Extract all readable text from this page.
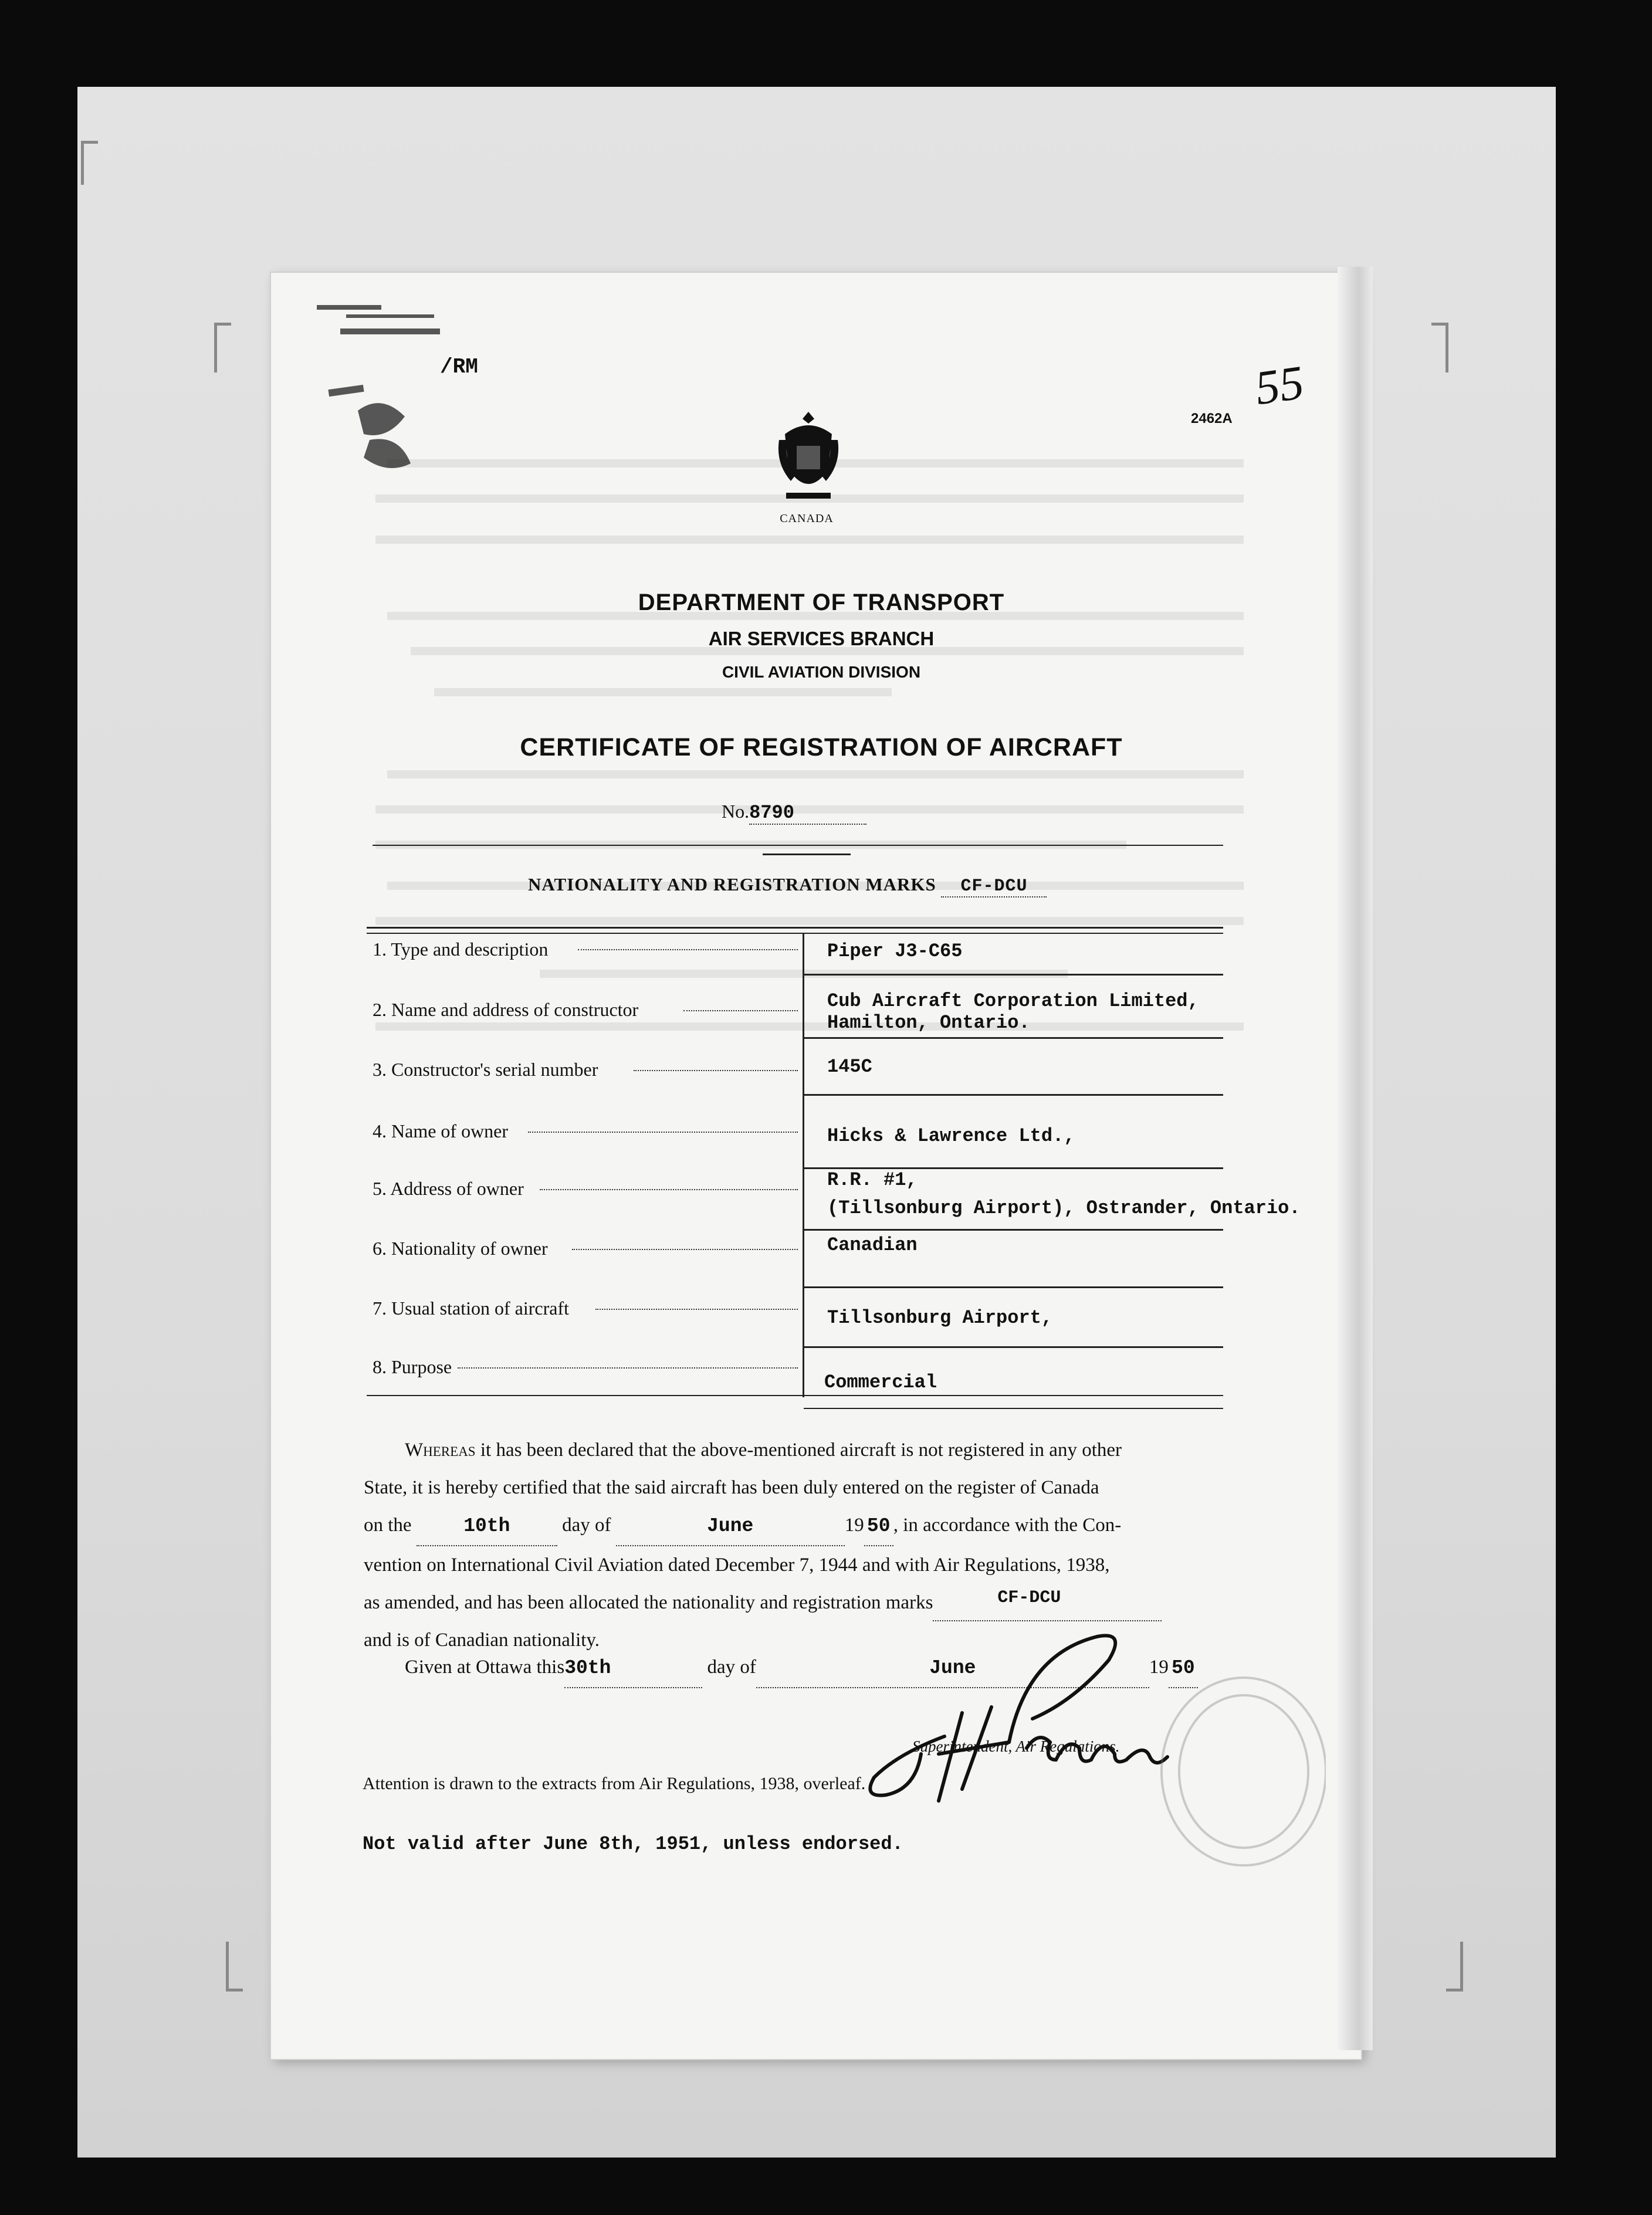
/RM
CANADA
2462A
55
DEPARTMENT OF TRANSPORT
AIR SERVICES BRANCH
CIVIL AVIATION DIVISION
CERTIFICATE OF REGISTRATION OF AIRCRAFT
No.8790
NATIONALITY AND REGISTRATION MARKS CF-DCU
1. Type and description	Piper J3-C65
2. Name and address of constructor	Cub Aircraft Corporation Limited,
Hamilton, Ontario.
3. Constructor's serial number	145C
4. Name of owner	Hicks & Lawrence Ltd.,
5. Address of owner	R.R. #1,
(Tillsonburg Airport), Ostrander, Ontario.
6. Nationality of owner	Canadian
7. Usual station of aircraft	Tillsonburg Airport,
8. Purpose
Commercial
Whereas it has been declared that the above-mentioned aircraft is not registered in any other
State, it is hereby certified that the said aircraft has been duly entered on the register of Canada
on the	10th	day of	June	19 50 , in accordance with the Con-
vention on International Civil Aviation dated December 7, 1944 and with Air Regulations, 1938,
as amended, and has been allocated the nationality and registration marks	CF-DCU
and is of Canadian nationality.
Given at Ottawa this30th	day of	June	19 50
Superintendent, Air Regulations.
Attention is drawn to the extracts from Air Regulations, 1938, overleaf.
Not valid after June 8th, 1951, unless endorsed.
